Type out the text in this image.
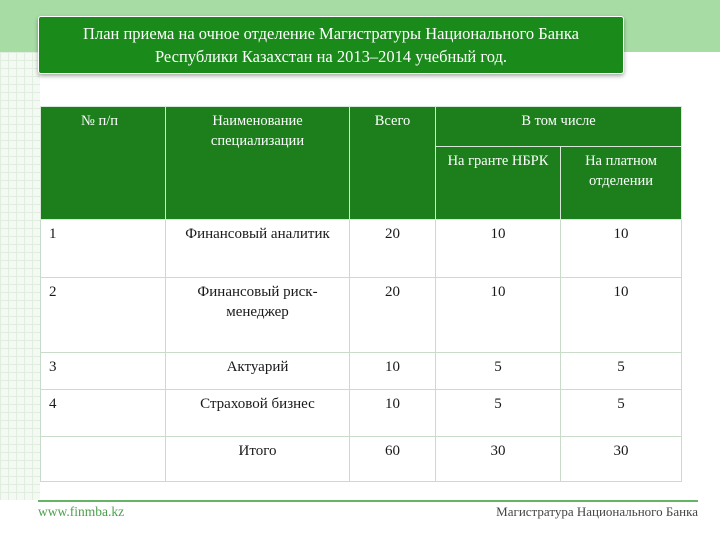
План приема на очное отделение Магистратуры Национального Банка Республики Казахстан на 2013–2014 учебный год.
№ п/п	Наименование специализации	Всего	В том числе	
			На гранте НБРК	На платном отделении
1	Финансовый аналитик	20	10	10
2	Финансовый риск-менеджер	20	10	10
3	Актуарий	10	5	5
4	Страховой бизнес	10	5	5
	Итого	60	30	30
www.finmba.kz	Магистратура Национального Банка
